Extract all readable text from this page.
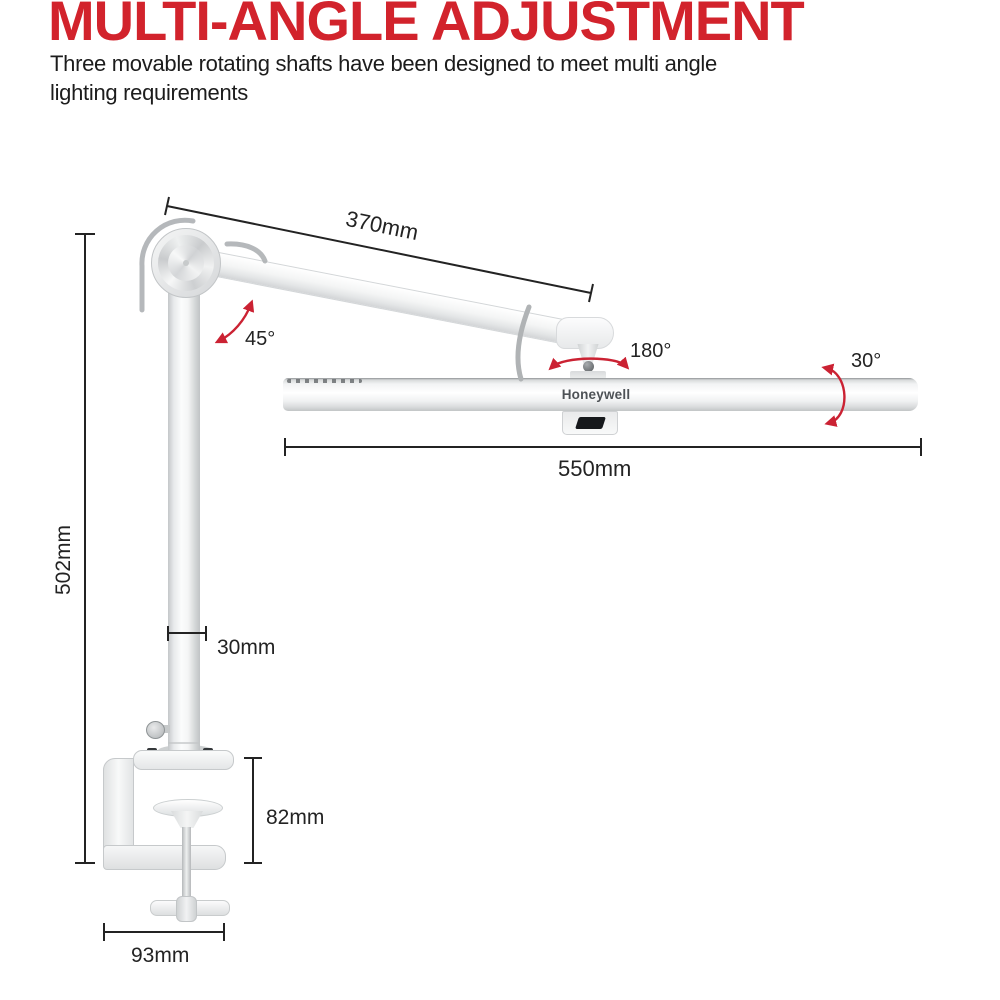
MULTI-ANGLE ADJUSTMENT
Three movable rotating shafts have been designed to meet multi angle lighting requirements
Honeywell
370mm
550mm
502mm
30mm
82mm
93mm
45°
180°	30°
